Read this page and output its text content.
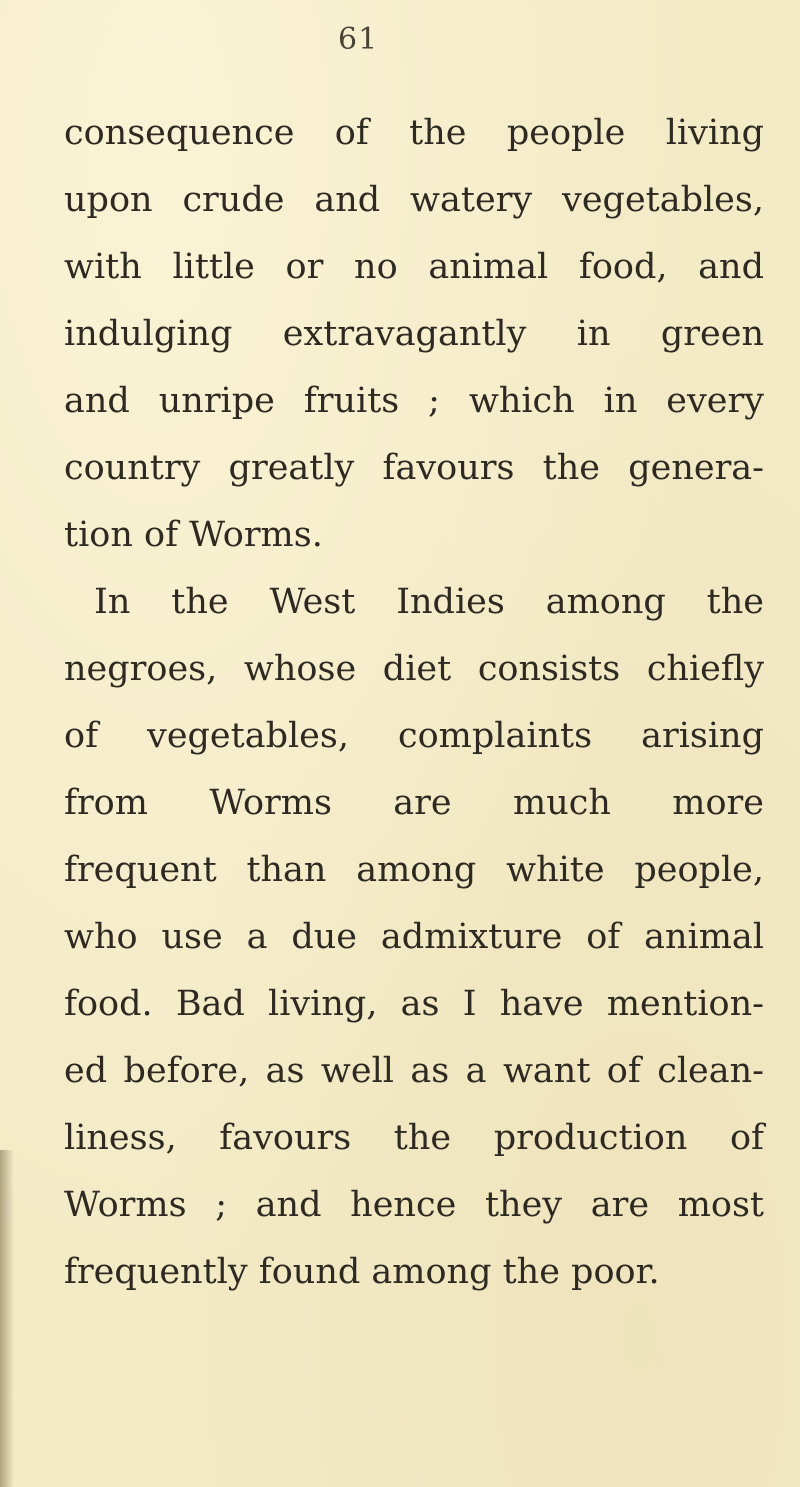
61
consequence of the people living
upon crude and watery vegetables,
with little or no animal food, and
indulging extravagantly in green
and unripe fruits ; which in every
country greatly favours the genera-
tion of Worms.
In the West Indies among the
negroes, whose diet consists chiefly
of vegetables, complaints arising
from Worms are much more
frequent than among white people,
who use a due admixture of animal
food. Bad living, as I have mention-
ed before, as well as a want of clean-
liness, favours the production of
Worms ; and hence they are most
frequently found among the poor.
